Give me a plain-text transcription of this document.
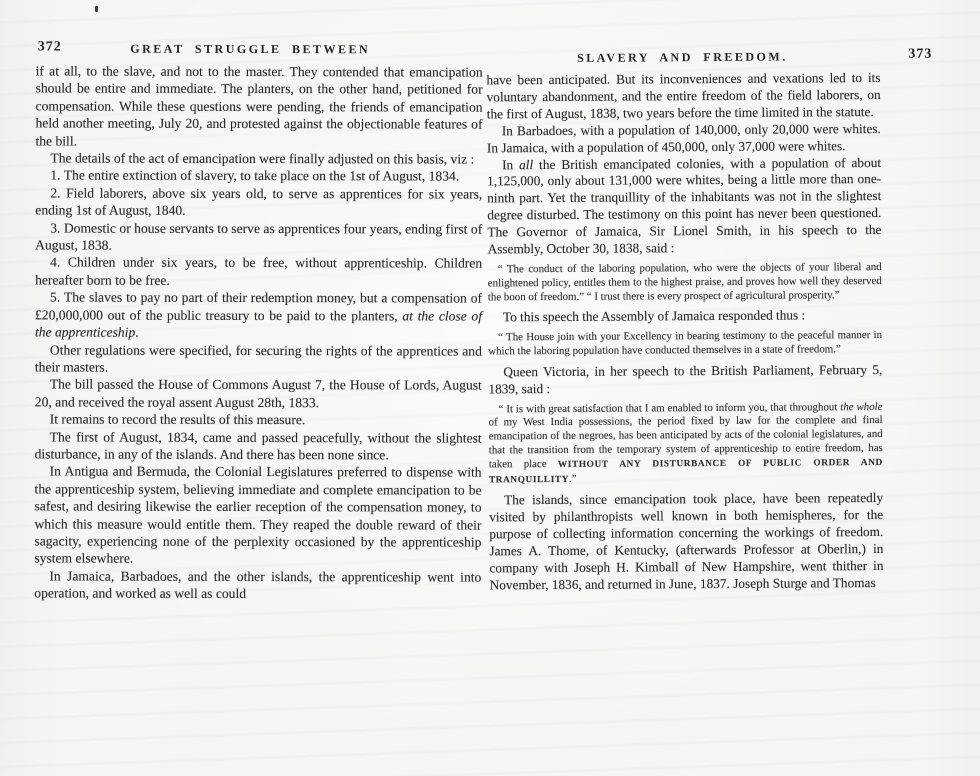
372	GREAT STRUGGLE BETWEEN

if at all, to the slave, and not to the master. They contended that emancipation should be entire and immediate. The planters, on the other hand, petitioned for compensation. While these questions were pending, the friends of emancipation held another meeting, July 20, and protested against the objectionable features of the bill.

The details of the act of emancipation were finally adjusted on this basis, viz :

1. The entire extinction of slavery, to take place on the 1st of August, 1834.

2. Field laborers, above six years old, to serve as apprentices for six years, ending 1st of August, 1840.

3. Domestic or house servants to serve as apprentices four years, ending first of August, 1838.

4. Children under six years, to be free, without apprenticeship. Children hereafter born to be free.

5. The slaves to pay no part of their redemption money, but a compensation of £20,000,000 out of the public treasury to be paid to the planters, at the close of the apprenticeship.

Other regulations were specified, for securing the rights of the apprentices and their masters.

The bill passed the House of Commons August 7, the House of Lords, August 20, and received the royal assent August 28th, 1833.

It remains to record the results of this measure.

The first of August, 1834, came and passed peacefully, without the slightest disturbance, in any of the islands. And there has been none since.

In Antigua and Bermuda, the Colonial Legislatures preferred to dispense with the apprenticeship system, believing immediate and complete emancipation to be safest, and desiring likewise the earlier reception of the compensation money, to which this measure would entitle them. They reaped the double reward of their sagacity, experiencing none of the perplexity occasioned by the apprenticeship system elsewhere.

In Jamaica, Barbadoes, and the other islands, the apprenticeship went into operation, and worked as well as could

SLAVERY AND FREEDOM.	373

have been anticipated. But its inconveniences and vexations led to its voluntary abandonment, and the entire freedom of the field laborers, on the first of August, 1838, two years before the time limited in the statute.

In Barbadoes, with a population of 140,000, only 20,000 were whites. In Jamaica, with a population of 450,000, only 37,000 were whites.

In all the British emancipated colonies, with a population of about 1,125,000, only about 131,000 were whites, being a little more than one-ninth part. Yet the tranquillity of the inhabitants was not in the slightest degree disturbed. The testimony on this point has never been questioned. The Governor of Jamaica, Sir Lionel Smith, in his speech to the Assembly, October 30, 1838, said :

“ The conduct of the laboring population, who were the objects of your liberal and enlightened policy, entitles them to the highest praise, and proves how well they deserved the boon of freedom.” “ I trust there is every prospect of agricultural prosperity.”

To this speech the Assembly of Jamaica responded thus :

“ The House join with your Excellency in bearing testimony to the peaceful manner in which the laboring population have conducted themselves in a state of freedom.”

Queen Victoria, in her speech to the British Parliament, February 5, 1839, said :

“ It is with great satisfaction that I am enabled to inform you, that throughout the whole of my West India possessions, the period fixed by law for the complete and final emancipation of the negroes, has been anticipated by acts of the colonial legislatures, and that the transition from the temporary system of apprenticeship to entire freedom, has taken place WITHOUT ANY DISTURBANCE OF PUBLIC ORDER AND TRANQUILLITY.”

The islands, since emancipation took place, have been repeatedly visited by philanthropists well known in both hemispheres, for the purpose of collecting information concerning the workings of freedom. James A. Thome, of Kentucky, (afterwards Professor at Oberlin,) in company with Joseph H. Kimball of New Hampshire, went thither in November, 1836, and returned in June, 1837. Joseph Sturge and Thomas
